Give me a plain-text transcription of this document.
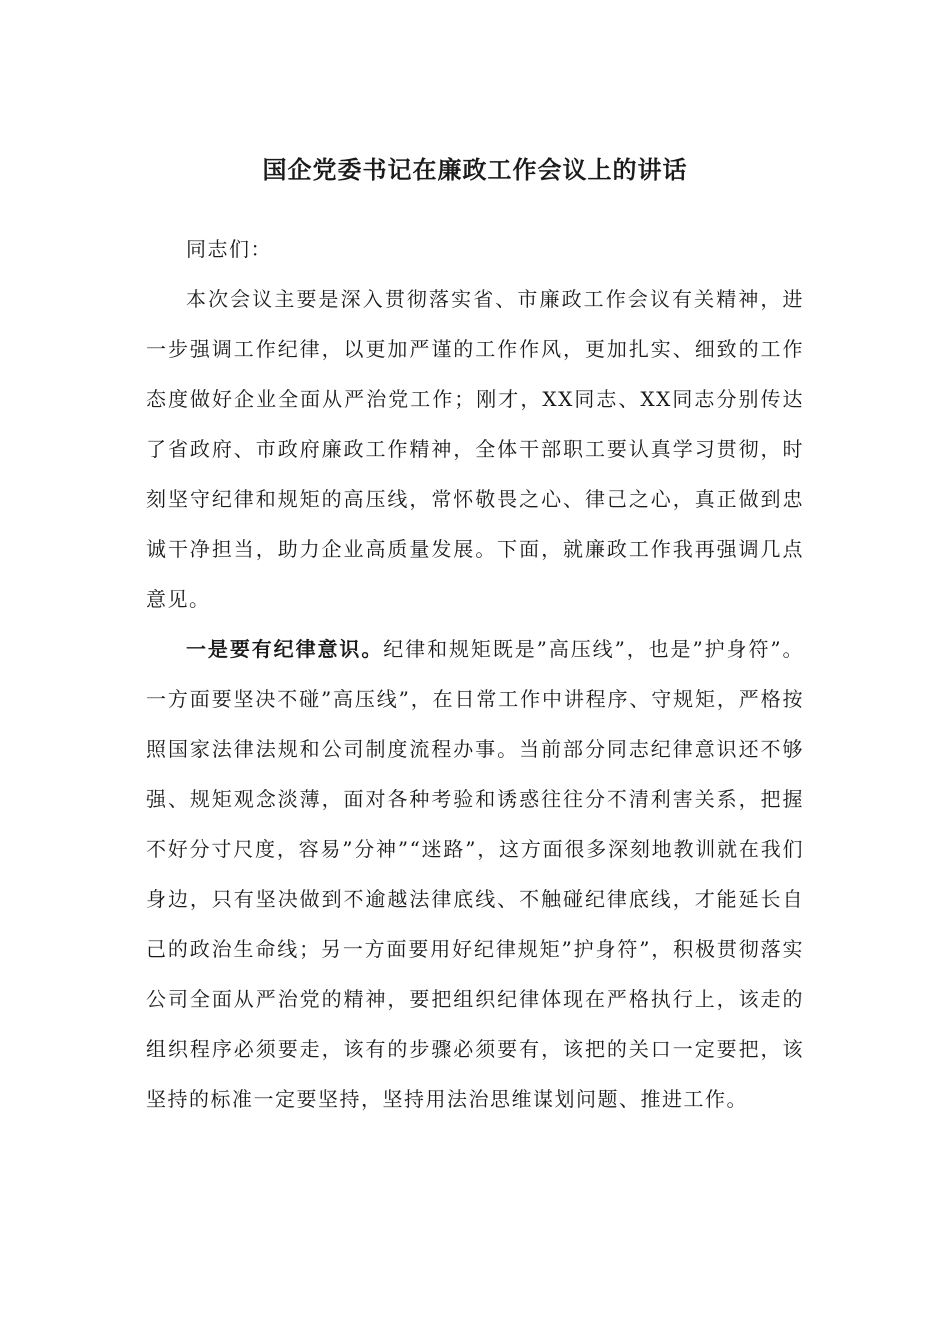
国企党委书记在廉政工作会议上的讲话

同志们：

本次会议主要是深入贯彻落实省、市廉政工作会议有关精神，进一步强调工作纪律，以更加严谨的工作作风，更加扎实、细致的工作态度做好企业全面从严治党工作；刚才，XX同志、XX同志分别传达了省政府、市政府廉政工作精神，全体干部职工要认真学习贯彻，时刻坚守纪律和规矩的高压线，常怀敬畏之心、律己之心，真正做到忠诚干净担当，助力企业高质量发展。下面，就廉政工作我再强调几点意见。

一是要有纪律意识。纪律和规矩既是”高压线”，也是”护身符”。一方面要坚决不碰”高压线”，在日常工作中讲程序、守规矩，严格按照国家法律法规和公司制度流程办事。当前部分同志纪律意识还不够强、规矩观念淡薄，面对各种考验和诱惑往往分不清利害关系，把握不好分寸尺度，容易”分神”“迷路”，这方面很多深刻地教训就在我们身边，只有坚决做到不逾越法律底线、不触碰纪律底线，才能延长自己的政治生命线；另一方面要用好纪律规矩”护身符”，积极贯彻落实公司全面从严治党的精神，要把组织纪律体现在严格执行上，该走的组织程序必须要走，该有的步骤必须要有，该把的关口一定要把，该坚持的标准一定要坚持，坚持用法治思维谋划问题、推进工作。
